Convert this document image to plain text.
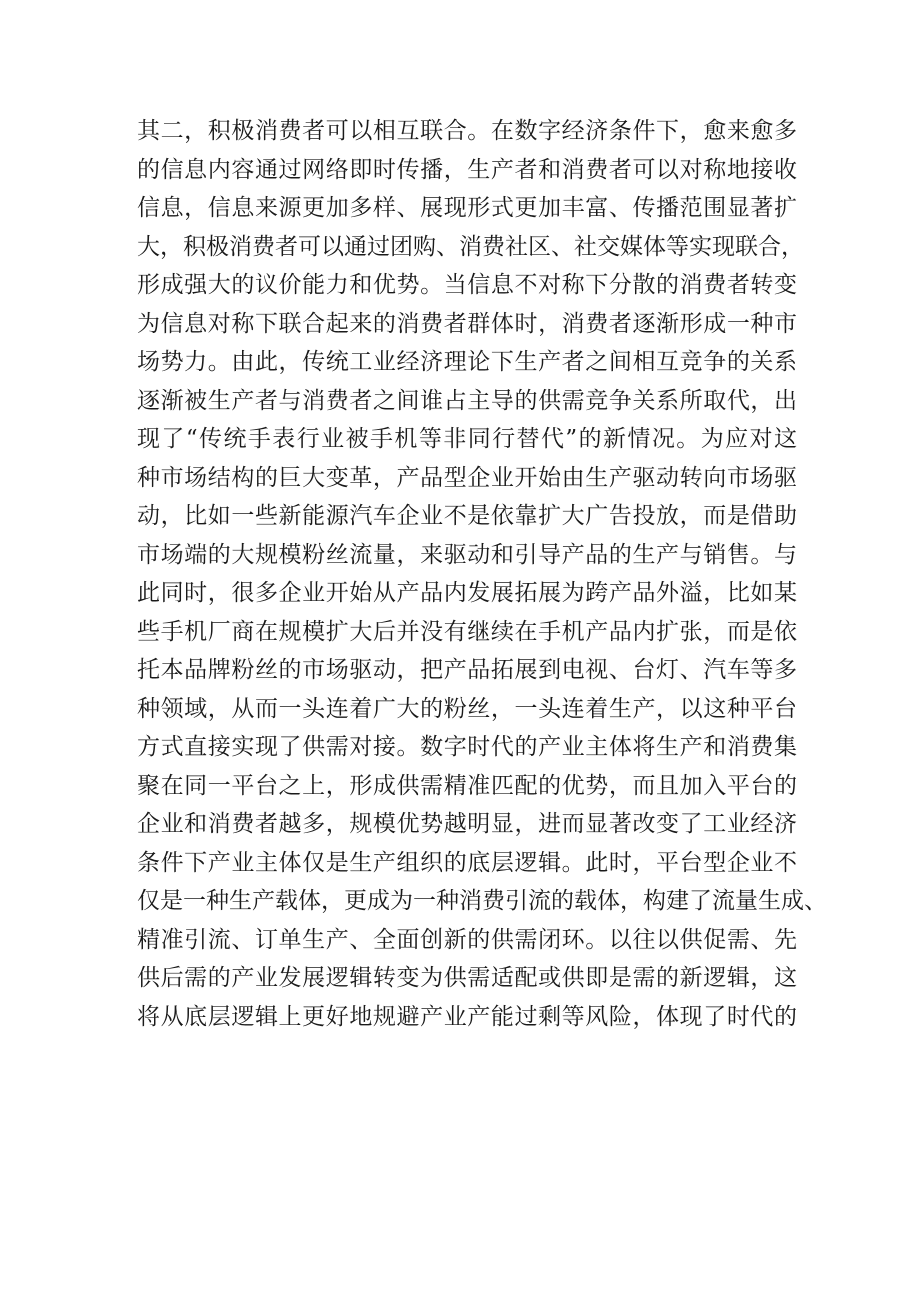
其二，积极消费者可以相互联合。在数字经济条件下，愈来愈多
的信息内容通过网络即时传播，生产者和消费者可以对称地接收
信息，信息来源更加多样、展现形式更加丰富、传播范围显著扩
大，积极消费者可以通过团购、消费社区、社交媒体等实现联合，
形成强大的议价能力和优势。当信息不对称下分散的消费者转变
为信息对称下联合起来的消费者群体时，消费者逐渐形成一种市
场势力。由此，传统工业经济理论下生产者之间相互竞争的关系
逐渐被生产者与消费者之间谁占主导的供需竞争关系所取代，出
现了“传统手表行业被手机等非同行替代”的新情况。为应对这
种市场结构的巨大变革，产品型企业开始由生产驱动转向市场驱
动，比如一些新能源汽车企业不是依靠扩大广告投放，而是借助
市场端的大规模粉丝流量，来驱动和引导产品的生产与销售。与
此同时，很多企业开始从产品内发展拓展为跨产品外溢，比如某
些手机厂商在规模扩大后并没有继续在手机产品内扩张，而是依
托本品牌粉丝的市场驱动，把产品拓展到电视、台灯、汽车等多
种领域，从而一头连着广大的粉丝，一头连着生产，以这种平台
方式直接实现了供需对接。数字时代的产业主体将生产和消费集
聚在同一平台之上，形成供需精准匹配的优势，而且加入平台的
企业和消费者越多，规模优势越明显，进而显著改变了工业经济
条件下产业主体仅是生产组织的底层逻辑。此时，平台型企业不
仅是一种生产载体，更成为一种消费引流的载体，构建了流量生成、
精准引流、订单生产、全面创新的供需闭环。以往以供促需、先
供后需的产业发展逻辑转变为供需适配或供即是需的新逻辑，这
将从底层逻辑上更好地规避产业产能过剩等风险，体现了时代的
